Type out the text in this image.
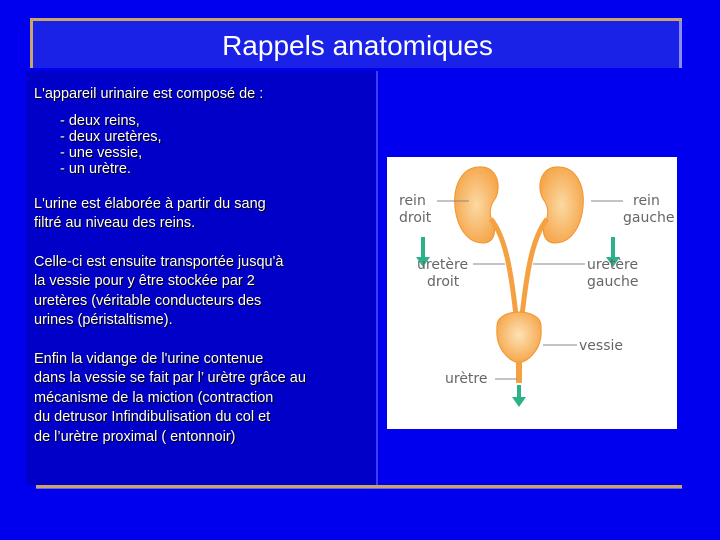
Rappels anatomiques

L'appareil urinaire est composé de :

- deux reins,
- deux uretères,
- une vessie,
- un urètre.

L'urine est élaborée à partir du sang
filtré au niveau des reins.

Celle-ci est ensuite transportée jusqu'à
la vessie pour y être stockée par 2
uretères (véritable conducteurs des
urines (péristaltisme).

Enfin la vidange de l'urine contenue
dans la vessie se fait par l’ urètre grâce au
mécanisme de la miction (contraction
du detrusor Infindibulisation du col et
de l’urètre proximal ( entonnoir)

rein
droit
rein
gauche
uretère
droit
uretère
gauche
vessie
urètre
